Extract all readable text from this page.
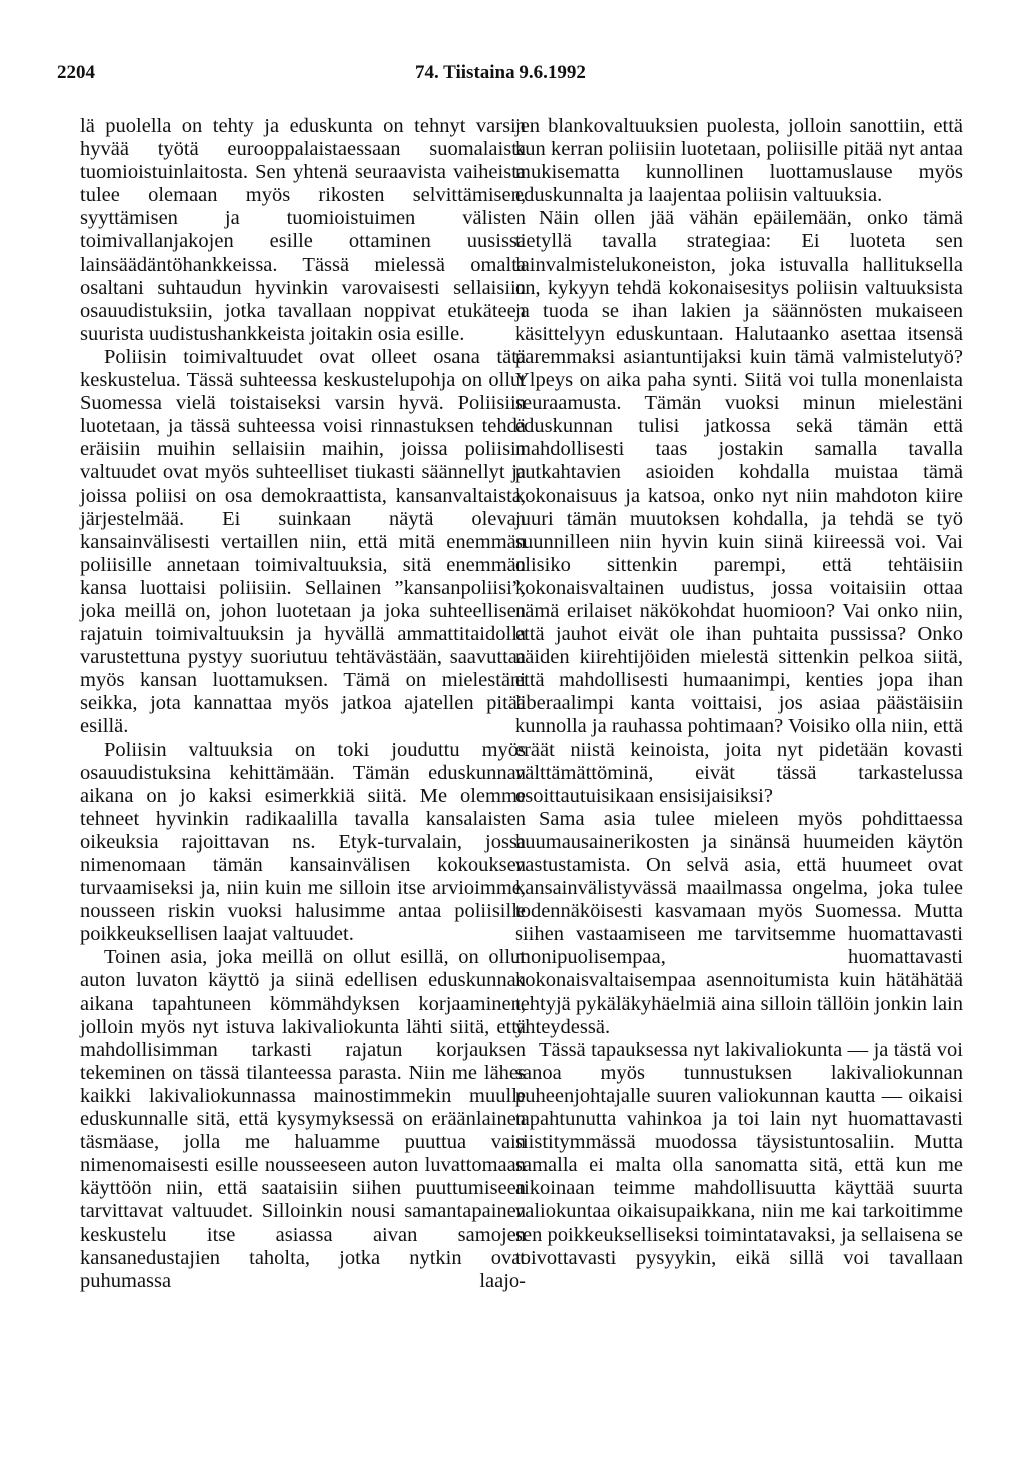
2204	74. Tiistaina 9.6.1992

lä puolella on tehty ja eduskunta on tehnyt varsin hyvää työtä eurooppalaistaessaan suomalaista tuomioistuinlaitosta. Sen yhtenä seuraavista vaiheista tulee olemaan myös rikosten selvittämisen, syyttämisen ja tuomioistuimen välisten toimivallanjakojen esille ottaminen uusissa lainsäädäntöhankkeissa. Tässä mielessä omalta osaltani suhtaudun hyvinkin varovaisesti sellaisiin osauudistuksiin, jotka tavallaan noppivat etukäteen suurista uudistushankkeista joitakin osia esille.

Poliisin toimivaltuudet ovat olleet osana tätä keskustelua. Tässä suhteessa keskustelupohja on ollut Suomessa vielä toistaiseksi varsin hyvä. Poliisiin luotetaan, ja tässä suhteessa voisi rinnastuksen tehdä eräisiin muihin sellaisiin maihin, joissa poliisin valtuudet ovat myös suhteelliset tiukasti säännellyt ja joissa poliisi on osa demokraattista, kansanvaltaista, järjestelmää. Ei suinkaan näytä olevan kansainvälisesti vertaillen niin, että mitä enemmän poliisille annetaan toimivaltuuksia, sitä enemmän kansa luottaisi poliisiin. Sellainen ”kansanpoliisi”, joka meillä on, johon luotetaan ja joka suhteellisen rajatuin toimivaltuuksin ja hyvällä ammattitaidolla varustettuna pystyy suoriutuu tehtävästään, saavuttaa myös kansan luottamuksen. Tämä on mielestäni seikka, jota kannattaa myös jatkoa ajatellen pitää esillä.

Poliisin valtuuksia on toki jouduttu myös osauudistuksina kehittämään. Tämän eduskunnan aikana on jo kaksi esimerkkiä siitä. Me olemme tehneet hyvinkin radikaalilla tavalla kansalaisten oikeuksia rajoittavan ns. Etyk-turvalain, jossa nimenomaan tämän kansainvälisen kokouksen turvaamiseksi ja, niin kuin me silloin itse arvioimme, nousseen riskin vuoksi halusimme antaa poliisille poikkeuksellisen laajat valtuudet.

Toinen asia, joka meillä on ollut esillä, on ollut auton luvaton käyttö ja siinä edellisen eduskunnan aikana tapahtuneen kömmähdyksen korjaaminen, jolloin myös nyt istuva lakivaliokunta lähti siitä, että mahdollisimman tarkasti rajatun korjauksen tekeminen on tässä tilanteessa parasta. Niin me lähes kaikki lakivaliokunnassa mainostimmekin muulle eduskunnalle sitä, että kysymyksessä on eräänlainen täsmäase, jolla me haluamme puuttua vain nimenomaisesti esille nousseeseen auton luvattomaan käyttöön niin, että saataisiin siihen puuttumiseen tarvittavat valtuudet. Silloinkin nousi samantapainen keskustelu itse asiassa aivan samojen kansanedustajien taholta, jotka nytkin ovat puhumassa laajo-

jen blankovaltuuksien puolesta, jolloin sanottiin, että kun kerran poliisiin luotetaan, poliisille pitää nyt antaa mukisematta kunnollinen luottamuslause myös eduskunnalta ja laajentaa poliisin valtuuksia.

Näin ollen jää vähän epäilemään, onko tämä tietyllä tavalla strategiaa: Ei luoteta sen lainvalmistelukoneiston, joka istuvalla hallituksella on, kykyyn tehdä kokonaisesitys poliisin valtuuksista ja tuoda se ihan lakien ja säännösten mukaiseen käsittelyyn eduskuntaan. Halutaanko asettaa itsensä paremmaksi asiantuntijaksi kuin tämä valmistelutyö? Ylpeys on aika paha synti. Siitä voi tulla monenlaista seuraamusta. Tämän vuoksi minun mielestäni eduskunnan tulisi jatkossa sekä tämän että mahdollisesti taas jostakin samalla tavalla putkahtavien asioiden kohdalla muistaa tämä kokonaisuus ja katsoa, onko nyt niin mahdoton kiire juuri tämän muutoksen kohdalla, ja tehdä se työ suunnilleen niin hyvin kuin siinä kiireessä voi. Vai olisiko sittenkin parempi, että tehtäisiin kokonaisvaltainen uudistus, jossa voitaisiin ottaa nämä erilaiset näkökohdat huomioon? Vai onko niin, että jauhot eivät ole ihan puhtaita pussissa? Onko näiden kiirehtijöiden mielestä sittenkin pelkoa siitä, että mahdollisesti humaanimpi, kenties jopa ihan liberaalimpi kanta voittaisi, jos asiaa päästäisiin kunnolla ja rauhassa pohtimaan? Voisiko olla niin, että eräät niistä keinoista, joita nyt pidetään kovasti välttämättöminä, eivät tässä tarkastelussa osoittautuisikaan ensisijaisiksi?

Sama asia tulee mieleen myös pohdittaessa huumausainerikosten ja sinänsä huumeiden käytön vastustamista. On selvä asia, että huumeet ovat kansainvälistyvässä maailmassa ongelma, joka tulee todennäköisesti kasvamaan myös Suomessa. Mutta siihen vastaamiseen me tarvitsemme huomattavasti monipuolisempaa, huomattavasti kokonaisvaltaisempaa asennoitumista kuin hätähätää tehtyjä pykäläkyhäelmiä aina silloin tällöin jonkin lain yhteydessä.

Tässä tapauksessa nyt lakivaliokunta — ja tästä voi sanoa myös tunnustuksen lakivaliokunnan puheenjohtajalle suuren valiokunnan kautta — oikaisi tapahtunutta vahinkoa ja toi lain nyt huomattavasti siistitymmässä muodossa täysistuntosaliin. Mutta samalla ei malta olla sanomatta sitä, että kun me aikoinaan teimme mahdollisuutta käyttää suurta valiokuntaa oikaisupaikkana, niin me kai tarkoitimme sen poikkeukselliseksi toimintatavaksi, ja sellaisena se toivottavasti pysyykin, eikä sillä voi tavallaan
